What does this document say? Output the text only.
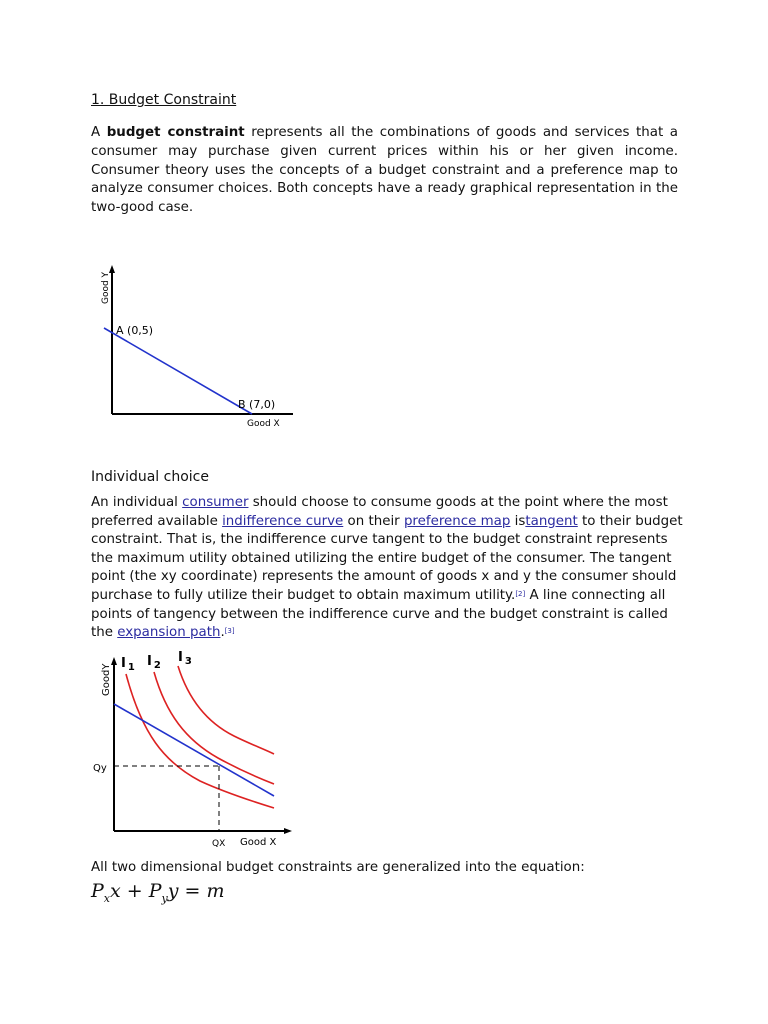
1. Budget Constraint

A budget constraint represents all the combinations of goods and services that a consumer may purchase given current prices within his or her given income. Consumer theory uses the concepts of a budget constraint and a preference map to analyze consumer choices. Both concepts have a ready graphical representation in the two-good case.

Good Y
A (0,5)
B (7,0)
Good X
Individual choice

An individual consumer should choose to consume goods at the point where the most preferred available indifference curve on their preference map istangent to their budget constraint. That is, the indifference curve tangent to the budget constraint represents the maximum utility obtained utilizing the entire budget of the consumer. The tangent point (the xy coordinate) represents the amount of goods x and y the consumer should purchase to fully utilize their budget to obtain maximum utility.[2] A line connecting all points of tangency between the indifference curve and the budget constraint is called the expansion path.[3]

GoodY
Qy
QX Good X
I $_1$ I $_2$
I $_3$

All two dimensional budget constraints are generalized into the equation:

$P_xx + P_yy = m$
